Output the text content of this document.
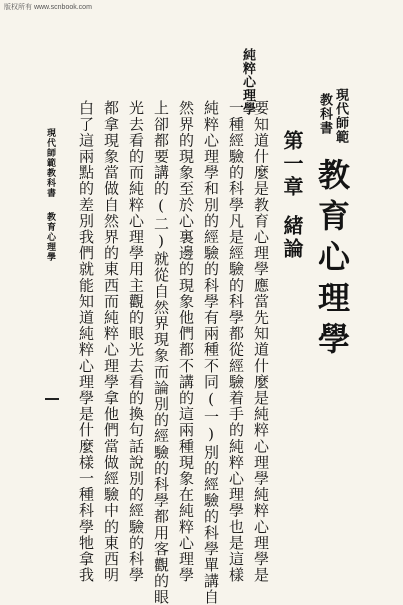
版权所有 www.scnbook.com
純粹心理學
現代師範
教科書
教育心理學
第一章
緒論
要知道什麼是教育心理學應當先知道什麼是純粹心理學純粹心理學是
一種經驗的科學凡是經驗的科學都從經驗着手的純粹心理學也是這樣
純粹心理學和別的經驗的科學有兩種不同(一)別的經驗的科學單講自
然界的現象至於心裏邊的現象他們都不講的這兩種現象在純粹心理學
上卻都要講的(二)就從自然界現象而論別的經驗的科學都用客觀的眼
光去看的而純粹心理學用主觀的眼光去看的換句話說別的經驗的科學
都拿現象當做自然界的東西而純粹心理學拿他們當做經驗中的東西明
白了這兩點的差別我們就能知道純粹心理學是什麼樣一種科學牠拿我
現代師範教科書
教育心理學
